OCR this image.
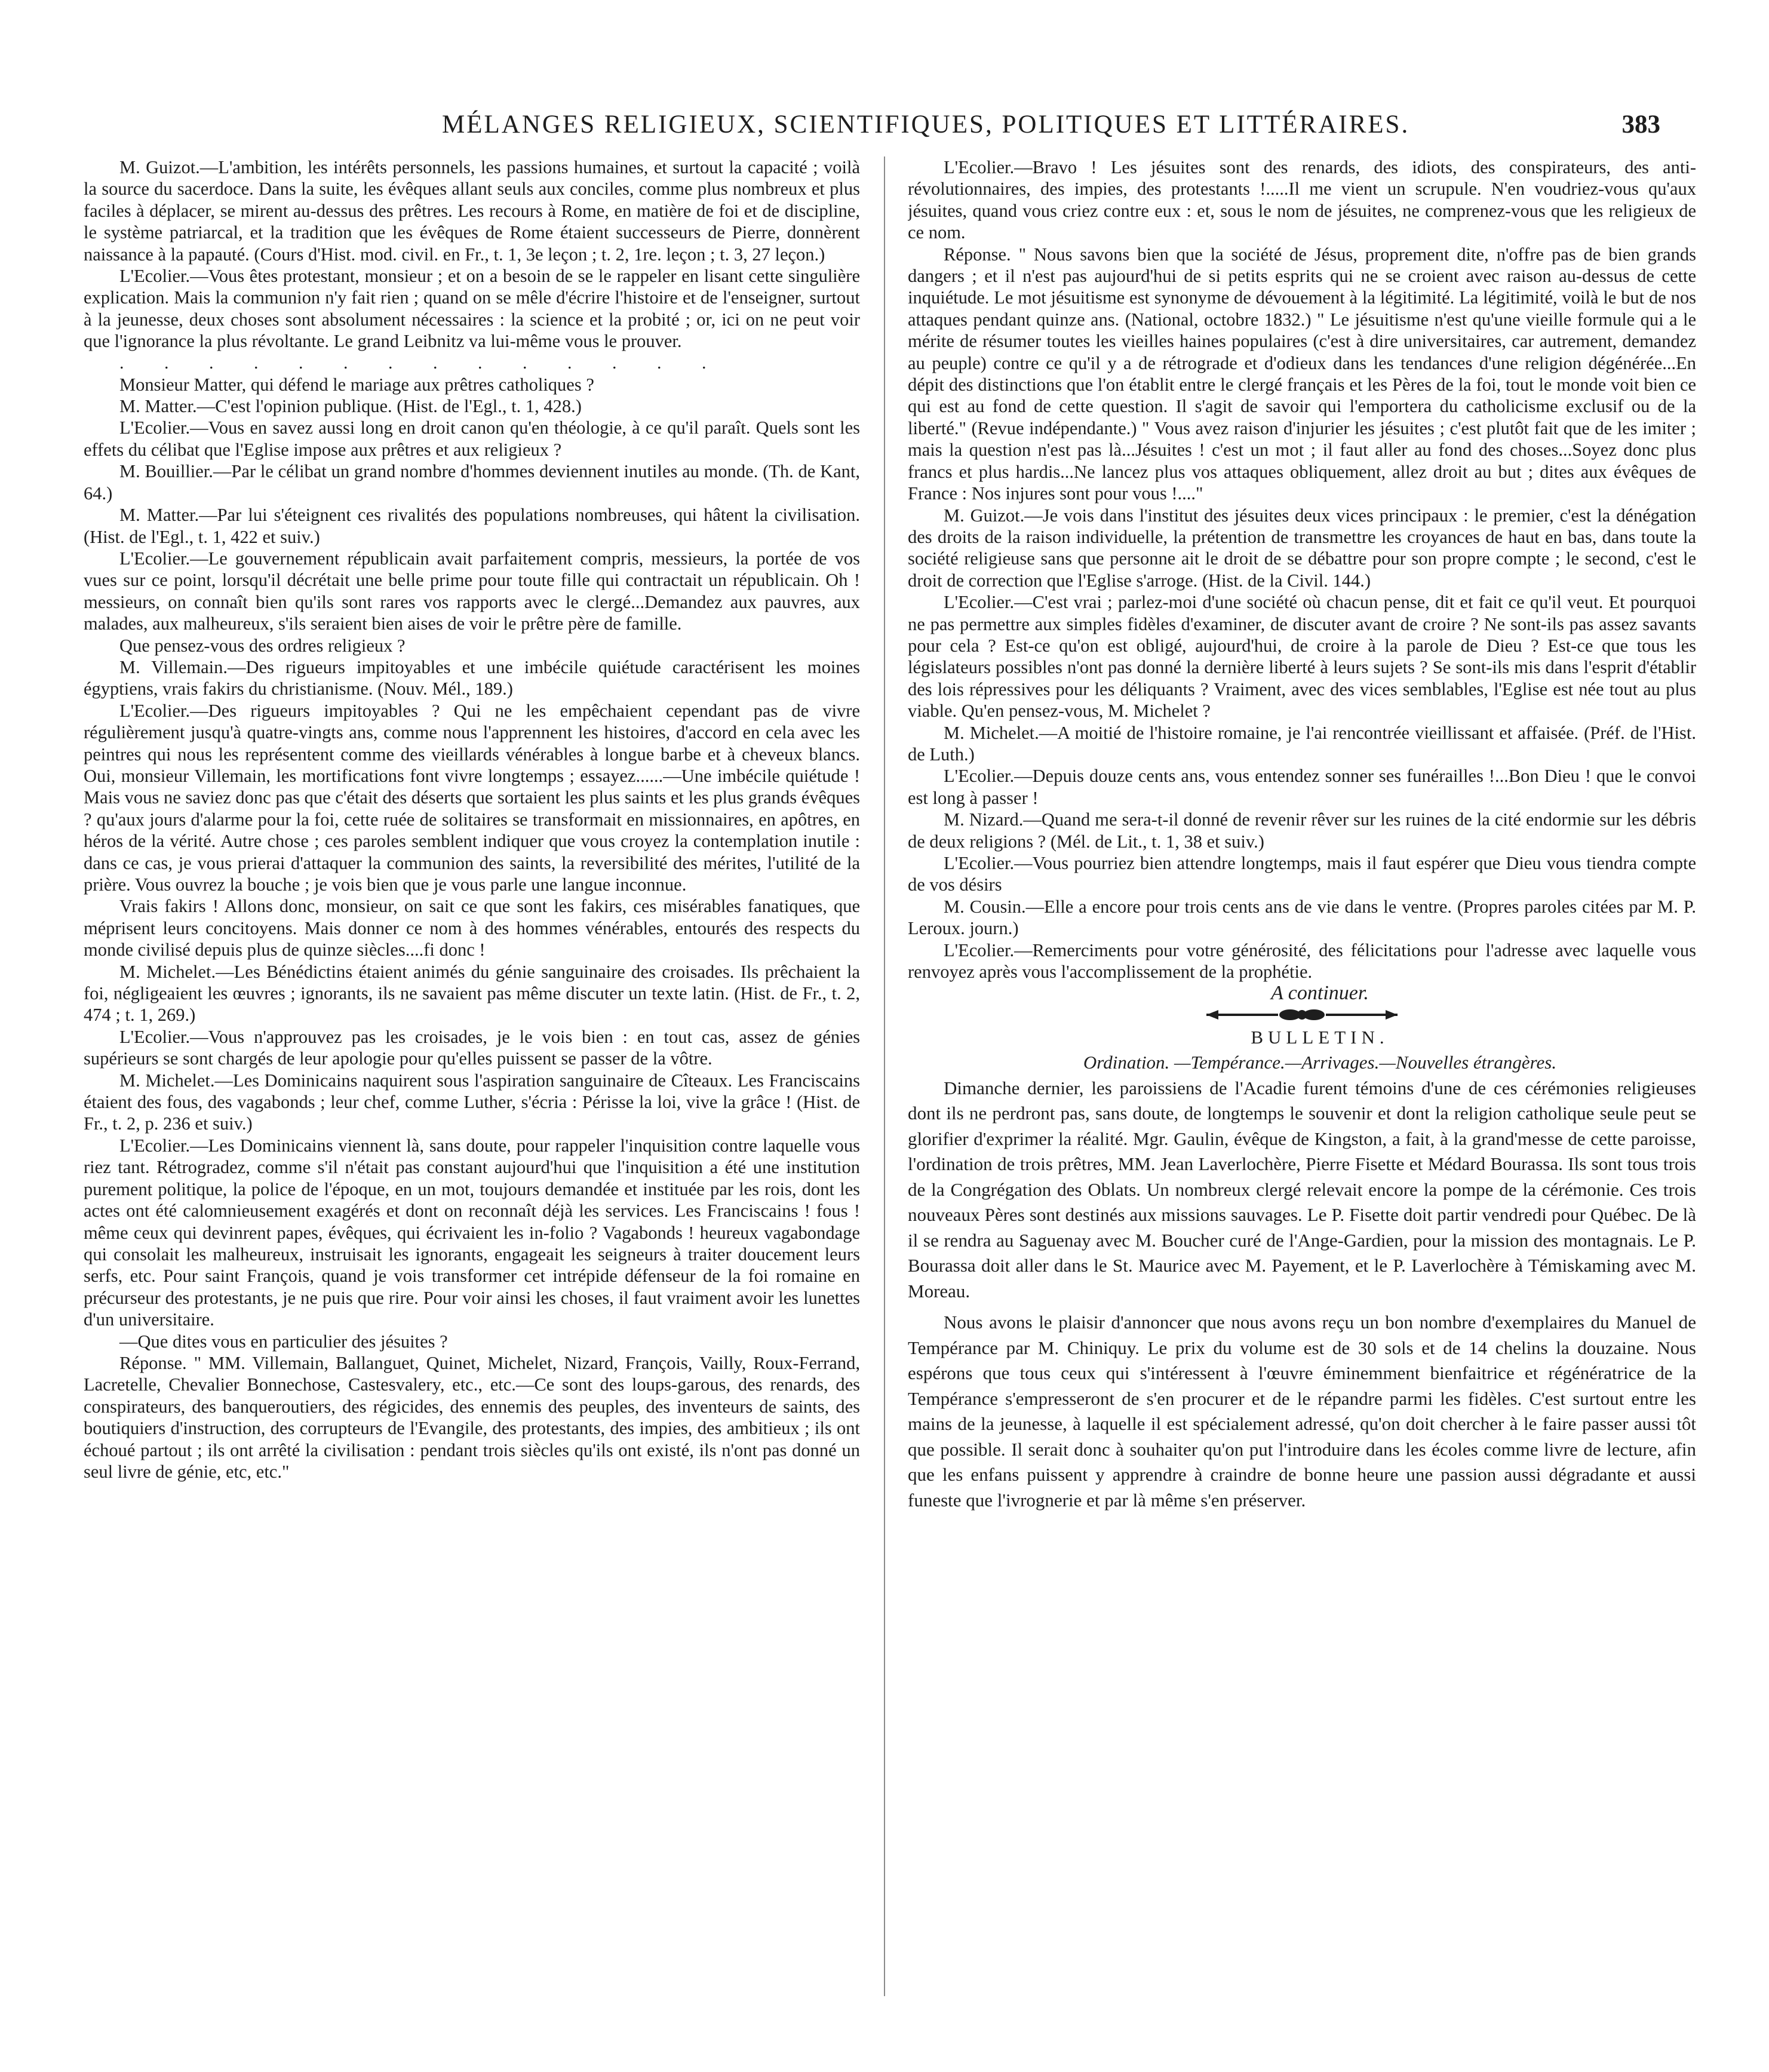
MÉLANGES RELIGIEUX, SCIENTIFIQUES, POLITIQUES ET LITTÉRAIRES.	383

M. Guizot.—L'ambition, les intérêts personnels, les passions humaines, et surtout la capacité ; voilà la source du sacerdoce. Dans la suite, les évêques allant seuls aux conciles, comme plus nombreux et plus faciles à déplacer, se mirent au-dessus des prêtres. Les recours à Rome, en matière de foi et de discipline, le système patriarcal, et la tradition que les évêques de Rome étaient successeurs de Pierre, donnèrent naissance à la papauté. (Cours d'Hist. mod. civil. en Fr., t. 1, 3e leçon ; t. 2, 1re. leçon ; t. 3, 27 leçon.)

L'Ecolier.—Vous êtes protestant, monsieur ; et on a besoin de se le rappeler en lisant cette singulière explication. Mais la communion n'y fait rien ; quand on se mêle d'écrire l'histoire et de l'enseigner, surtout à la jeunesse, deux choses sont absolument nécessaires : la science et la probité ; or, ici on ne peut voir que l'ignorance la plus révoltante. Le grand Leibnitz va lui-même vous le prouver.

. . . . . . . . . . . . . .

Monsieur Matter, qui défend le mariage aux prêtres catholiques ?

M. Matter.—C'est l'opinion publique. (Hist. de l'Egl., t. 1, 428.)

L'Ecolier.—Vous en savez aussi long en droit canon qu'en théologie, à ce qu'il paraît. Quels sont les effets du célibat que l'Eglise impose aux prêtres et aux religieux ?

M. Bouillier.—Par le célibat un grand nombre d'hommes deviennent inutiles au monde. (Th. de Kant, 64.)

M. Matter.—Par lui s'éteignent ces rivalités des populations nombreuses, qui hâtent la civilisation. (Hist. de l'Egl., t. 1, 422 et suiv.)

L'Ecolier.—Le gouvernement républicain avait parfaitement compris, messieurs, la portée de vos vues sur ce point, lorsqu'il décrétait une belle prime pour toute fille qui contractait un républicain. Oh ! messieurs, on connaît bien qu'ils sont rares vos rapports avec le clergé...Demandez aux pauvres, aux malades, aux malheureux, s'ils seraient bien aises de voir le prêtre père de famille.

Que pensez-vous des ordres religieux ?

M. Villemain.—Des rigueurs impitoyables et une imbécile quiétude caractérisent les moines égyptiens, vrais fakirs du christianisme. (Nouv. Mél., 189.)

L'Ecolier.—Des rigueurs impitoyables ? Qui ne les empêchaient cependant pas de vivre régulièrement jusqu'à quatre-vingts ans, comme nous l'apprennent les histoires, d'accord en cela avec les peintres qui nous les représentent comme des vieillards vénérables à longue barbe et à cheveux blancs. Oui, monsieur Villemain, les mortifications font vivre longtemps ; essayez......—Une imbécile quiétude ! Mais vous ne saviez donc pas que c'était des déserts que sortaient les plus saints et les plus grands évêques ? qu'aux jours d'alarme pour la foi, cette ruée de solitaires se transformait en missionnaires, en apôtres, en héros de la vérité. Autre chose ; ces paroles semblent indiquer que vous croyez la contemplation inutile : dans ce cas, je vous prierai d'attaquer la communion des saints, la reversibilité des mérites, l'utilité de la prière. Vous ouvrez la bouche ; je vois bien que je vous parle une langue inconnue.

Vrais fakirs ! Allons donc, monsieur, on sait ce que sont les fakirs, ces misérables fanatiques, que méprisent leurs concitoyens. Mais donner ce nom à des hommes vénérables, entourés des respects du monde civilisé depuis plus de quinze siècles....fi donc !

M. Michelet.—Les Bénédictins étaient animés du génie sanguinaire des croisades. Ils prêchaient la foi, négligeaient les œuvres ; ignorants, ils ne savaient pas même discuter un texte latin. (Hist. de Fr., t. 2, 474 ; t. 1, 269.)

L'Ecolier.—Vous n'approuvez pas les croisades, je le vois bien : en tout cas, assez de génies supérieurs se sont chargés de leur apologie pour qu'elles puissent se passer de la vôtre.

M. Michelet.—Les Dominicains naquirent sous l'aspiration sanguinaire de Cîteaux. Les Franciscains étaient des fous, des vagabonds ; leur chef, comme Luther, s'écria : Périsse la loi, vive la grâce ! (Hist. de Fr., t. 2, p. 236 et suiv.)

L'Ecolier.—Les Dominicains viennent là, sans doute, pour rappeler l'inquisition contre laquelle vous riez tant. Rétrogradez, comme s'il n'était pas constant aujourd'hui que l'inquisition a été une institution purement politique, la police de l'époque, en un mot, toujours demandée et instituée par les rois, dont les actes ont été calomnieusement exagérés et dont on reconnaît déjà les services. Les Franciscains ! fous ! même ceux qui devinrent papes, évêques, qui écrivaient les in-folio ? Vagabonds ! heureux vagabondage qui consolait les malheureux, instruisait les ignorants, engageait les seigneurs à traiter doucement leurs serfs, etc. Pour saint François, quand je vois transformer cet intrépide défenseur de la foi romaine en précurseur des protestants, je ne puis que rire. Pour voir ainsi les choses, il faut vraiment avoir les lunettes d'un universitaire.

—Que dites vous en particulier des jésuites ?

Réponse. " MM. Villemain, Ballanguet, Quinet, Michelet, Nizard, François, Vailly, Roux-Ferrand, Lacretelle, Chevalier Bonnechose, Castesvalery, etc., etc.—Ce sont des loups-garous, des renards, des conspirateurs, des banqueroutiers, des régicides, des ennemis des peuples, des inventeurs de saints, des boutiquiers d'instruction, des corrupteurs de l'Evangile, des protestants, des impies, des ambitieux ; ils ont échoué partout ; ils ont arrêté la civilisation : pendant trois siècles qu'ils ont existé, ils n'ont pas donné un seul livre de génie, etc, etc."

L'Ecolier.—Bravo ! Les jésuites sont des renards, des idiots, des conspirateurs, des anti-révolutionnaires, des impies, des protestants !.....Il me vient un scrupule. N'en voudriez-vous qu'aux jésuites, quand vous criez contre eux : et, sous le nom de jésuites, ne comprenez-vous que les religieux de ce nom.

Réponse. " Nous savons bien que la société de Jésus, proprement dite, n'offre pas de bien grands dangers ; et il n'est pas aujourd'hui de si petits esprits qui ne se croient avec raison au-dessus de cette inquiétude. Le mot jésuitisme est synonyme de dévouement à la légitimité. La légitimité, voilà le but de nos attaques pendant quinze ans. (National, octobre 1832.) " Le jésuitisme n'est qu'une vieille formule qui a le mérite de résumer toutes les vieilles haines populaires (c'est à dire universitaires, car autrement, demandez au peuple) contre ce qu'il y a de rétrograde et d'odieux dans les tendances d'une religion dégénérée...En dépit des distinctions que l'on établit entre le clergé français et les Pères de la foi, tout le monde voit bien ce qui est au fond de cette question. Il s'agit de savoir qui l'emportera du catholicisme exclusif ou de la liberté." (Revue indépendante.) " Vous avez raison d'injurier les jésuites ; c'est plutôt fait que de les imiter ; mais la question n'est pas là...Jésuites ! c'est un mot ; il faut aller au fond des choses...Soyez donc plus francs et plus hardis...Ne lancez plus vos attaques obliquement, allez droit au but ; dites aux évêques de France : Nos injures sont pour vous !...."

M. Guizot.—Je vois dans l'institut des jésuites deux vices principaux : le premier, c'est la dénégation des droits de la raison individuelle, la prétention de transmettre les croyances de haut en bas, dans toute la société religieuse sans que personne ait le droit de se débattre pour son propre compte ; le second, c'est le droit de correction que l'Eglise s'arroge. (Hist. de la Civil. 144.)

L'Ecolier.—C'est vrai ; parlez-moi d'une société où chacun pense, dit et fait ce qu'il veut. Et pourquoi ne pas permettre aux simples fidèles d'examiner, de discuter avant de croire ? Ne sont-ils pas assez savants pour cela ? Est-ce qu'on est obligé, aujourd'hui, de croire à la parole de Dieu ? Est-ce que tous les législateurs possibles n'ont pas donné la dernière liberté à leurs sujets ? Se sont-ils mis dans l'esprit d'établir des lois répressives pour les déliquants ? Vraiment, avec des vices semblables, l'Eglise est née tout au plus viable. Qu'en pensez-vous, M. Michelet ?

M. Michelet.—A moitié de l'histoire romaine, je l'ai rencontrée vieillissant et affaisée. (Préf. de l'Hist. de Luth.)

L'Ecolier.—Depuis douze cents ans, vous entendez sonner ses funérailles !...Bon Dieu ! que le convoi est long à passer !

M. Nizard.—Quand me sera-t-il donné de revenir rêver sur les ruines de la cité endormie sur les débris de deux religions ? (Mél. de Lit., t. 1, 38 et suiv.)

L'Ecolier.—Vous pourriez bien attendre longtemps, mais il faut espérer que Dieu vous tiendra compte de vos désirs

M. Cousin.—Elle a encore pour trois cents ans de vie dans le ventre. (Propres paroles citées par M. P. Leroux. journ.)

L'Ecolier.—Remerciments pour votre générosité, des félicitations pour l'adresse avec laquelle vous renvoyez après vous l'accomplissement de la prophétie.

A continuer.

BULLETIN.

Ordination. —Tempérance.—Arrivages.—Nouvelles étrangères.

Dimanche dernier, les paroissiens de l'Acadie furent témoins d'une de ces cérémonies religieuses dont ils ne perdront pas, sans doute, de longtemps le souvenir et dont la religion catholique seule peut se glorifier d'exprimer la réalité. Mgr. Gaulin, évêque de Kingston, a fait, à la grand'messe de cette paroisse, l'ordination de trois prêtres, MM. Jean Laverlochère, Pierre Fisette et Médard Bourassa. Ils sont tous trois de la Congrégation des Oblats. Un nombreux clergé relevait encore la pompe de la cérémonie. Ces trois nouveaux Pères sont destinés aux missions sauvages. Le P. Fisette doit partir vendredi pour Québec. De là il se rendra au Saguenay avec M. Boucher curé de l'Ange-Gardien, pour la mission des montagnais. Le P. Bourassa doit aller dans le St. Maurice avec M. Payement, et le P. Laverlochère à Témiskaming avec M. Moreau.

Nous avons le plaisir d'annoncer que nous avons reçu un bon nombre d'exemplaires du Manuel de Tempérance par M. Chiniquy. Le prix du volume est de 30 sols et de 14 chelins la douzaine. Nous espérons que tous ceux qui s'intéressent à l'œuvre éminemment bienfaitrice et régénératrice de la Tempérance s'empresseront de s'en procurer et de le répandre parmi les fidèles. C'est surtout entre les mains de la jeunesse, à laquelle il est spécialement adressé, qu'on doit chercher à le faire passer aussi tôt que possible. Il serait donc à souhaiter qu'on put l'introduire dans les écoles comme livre de lecture, afin que les enfans puissent y apprendre à craindre de bonne heure une passion aussi dégradante et aussi funeste que l'ivrognerie et par là même s'en préserver.
